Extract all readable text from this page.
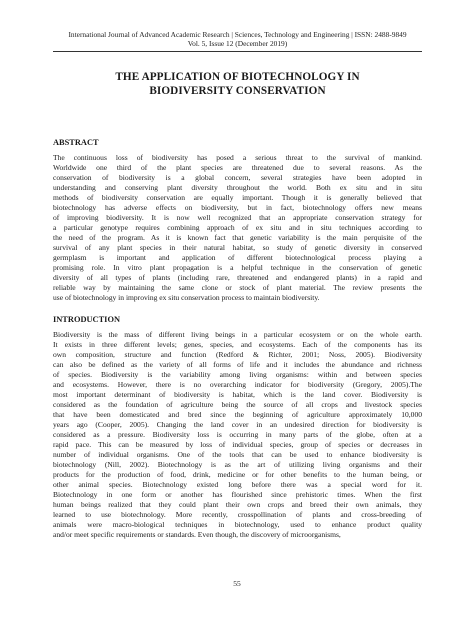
International Journal of Advanced Academic Research | Sciences, Technology and Engineering | ISSN: 2488-9849
Vol. 5, Issue 12 (December 2019)
THE APPLICATION OF BIOTECHNOLOGY IN
BIODIVERSITY CONSERVATION
ABSTRACT
The continuous loss of biodiversity has posed a serious threat to the survival of mankind.
Worldwide one third of the plant species are threatened due to several reasons. As the
conservation of biodiversity is a global concern, several strategies have been adopted in
understanding and conserving plant diversity throughout the world. Both ex situ and in situ
methods of biodiversity conservation are equally important. Though it is generally believed that
biotechnology has adverse effects on biodiversity, but in fact, biotechnology offers new means
of improving biodiversity. It is now well recognized that an appropriate conservation strategy for
a particular genotype requires combining approach of ex situ and in situ techniques according to
the need of the program. As it is known fact that genetic variability is the main perquisite of the
survival of any plant species in their natural habitat, so study of genetic diversity in conserved
germplasm is important and application of different biotechnological process playing a
promising role. In vitro plant propagation is a helpful technique in the conservation of genetic
diversity of all types of plants (including rare, threatened and endangered plants) in a rapid and
reliable way by maintaining the same clone or stock of plant material. The review presents the
use of biotechnology in improving ex situ conservation process to maintain biodiversity.
INTRODUCTION
Biodiversity is the mass of different living beings in a particular ecosystem or on the whole earth.
It exists in three different levels; genes, species, and ecosystems. Each of the components has its
own composition, structure and function (Redford & Richter, 2001; Noss, 2005). Biodiversity
can also be defined as the variety of all forms of life and it includes the abundance and richness
of species. Biodiversity is the variability among living organisms: within and between species
and ecosystems. However, there is no overarching indicator for biodiversity (Gregory, 2005).The
most important determinant of biodiversity is habitat, which is the land cover. Biodiversity is
considered as the foundation of agriculture being the source of all crops and livestock species
that have been domesticated and bred since the beginning of agriculture approximately 10,000
years ago (Cooper, 2005). Changing the land cover in an undesired direction for biodiversity is
considered as a pressure. Biodiversity loss is occurring in many parts of the globe, often at a
rapid pace. This can be measured by loss of individual species, group of species or decreases in
number of individual organisms. One of the tools that can be used to enhance biodiversity is
biotechnology (Nill, 2002). Biotechnology is as the art of utilizing living organisms and their
products for the production of food, drink, medicine or for other benefits to the human being, or
other animal species. Biotechnology existed long before there was a special word for it.
Biotechnology in one form or another has flourished since prehistoric times. When the first
human beings realized that they could plant their own crops and breed their own animals, they
learned to use biotechnology. More recently, crosspollination of plants and cross-breeding of
animals were macro-biological techniques in biotechnology, used to enhance product quality
and/or meet specific requirements or standards. Even though, the discovery of microorganisms,
55
